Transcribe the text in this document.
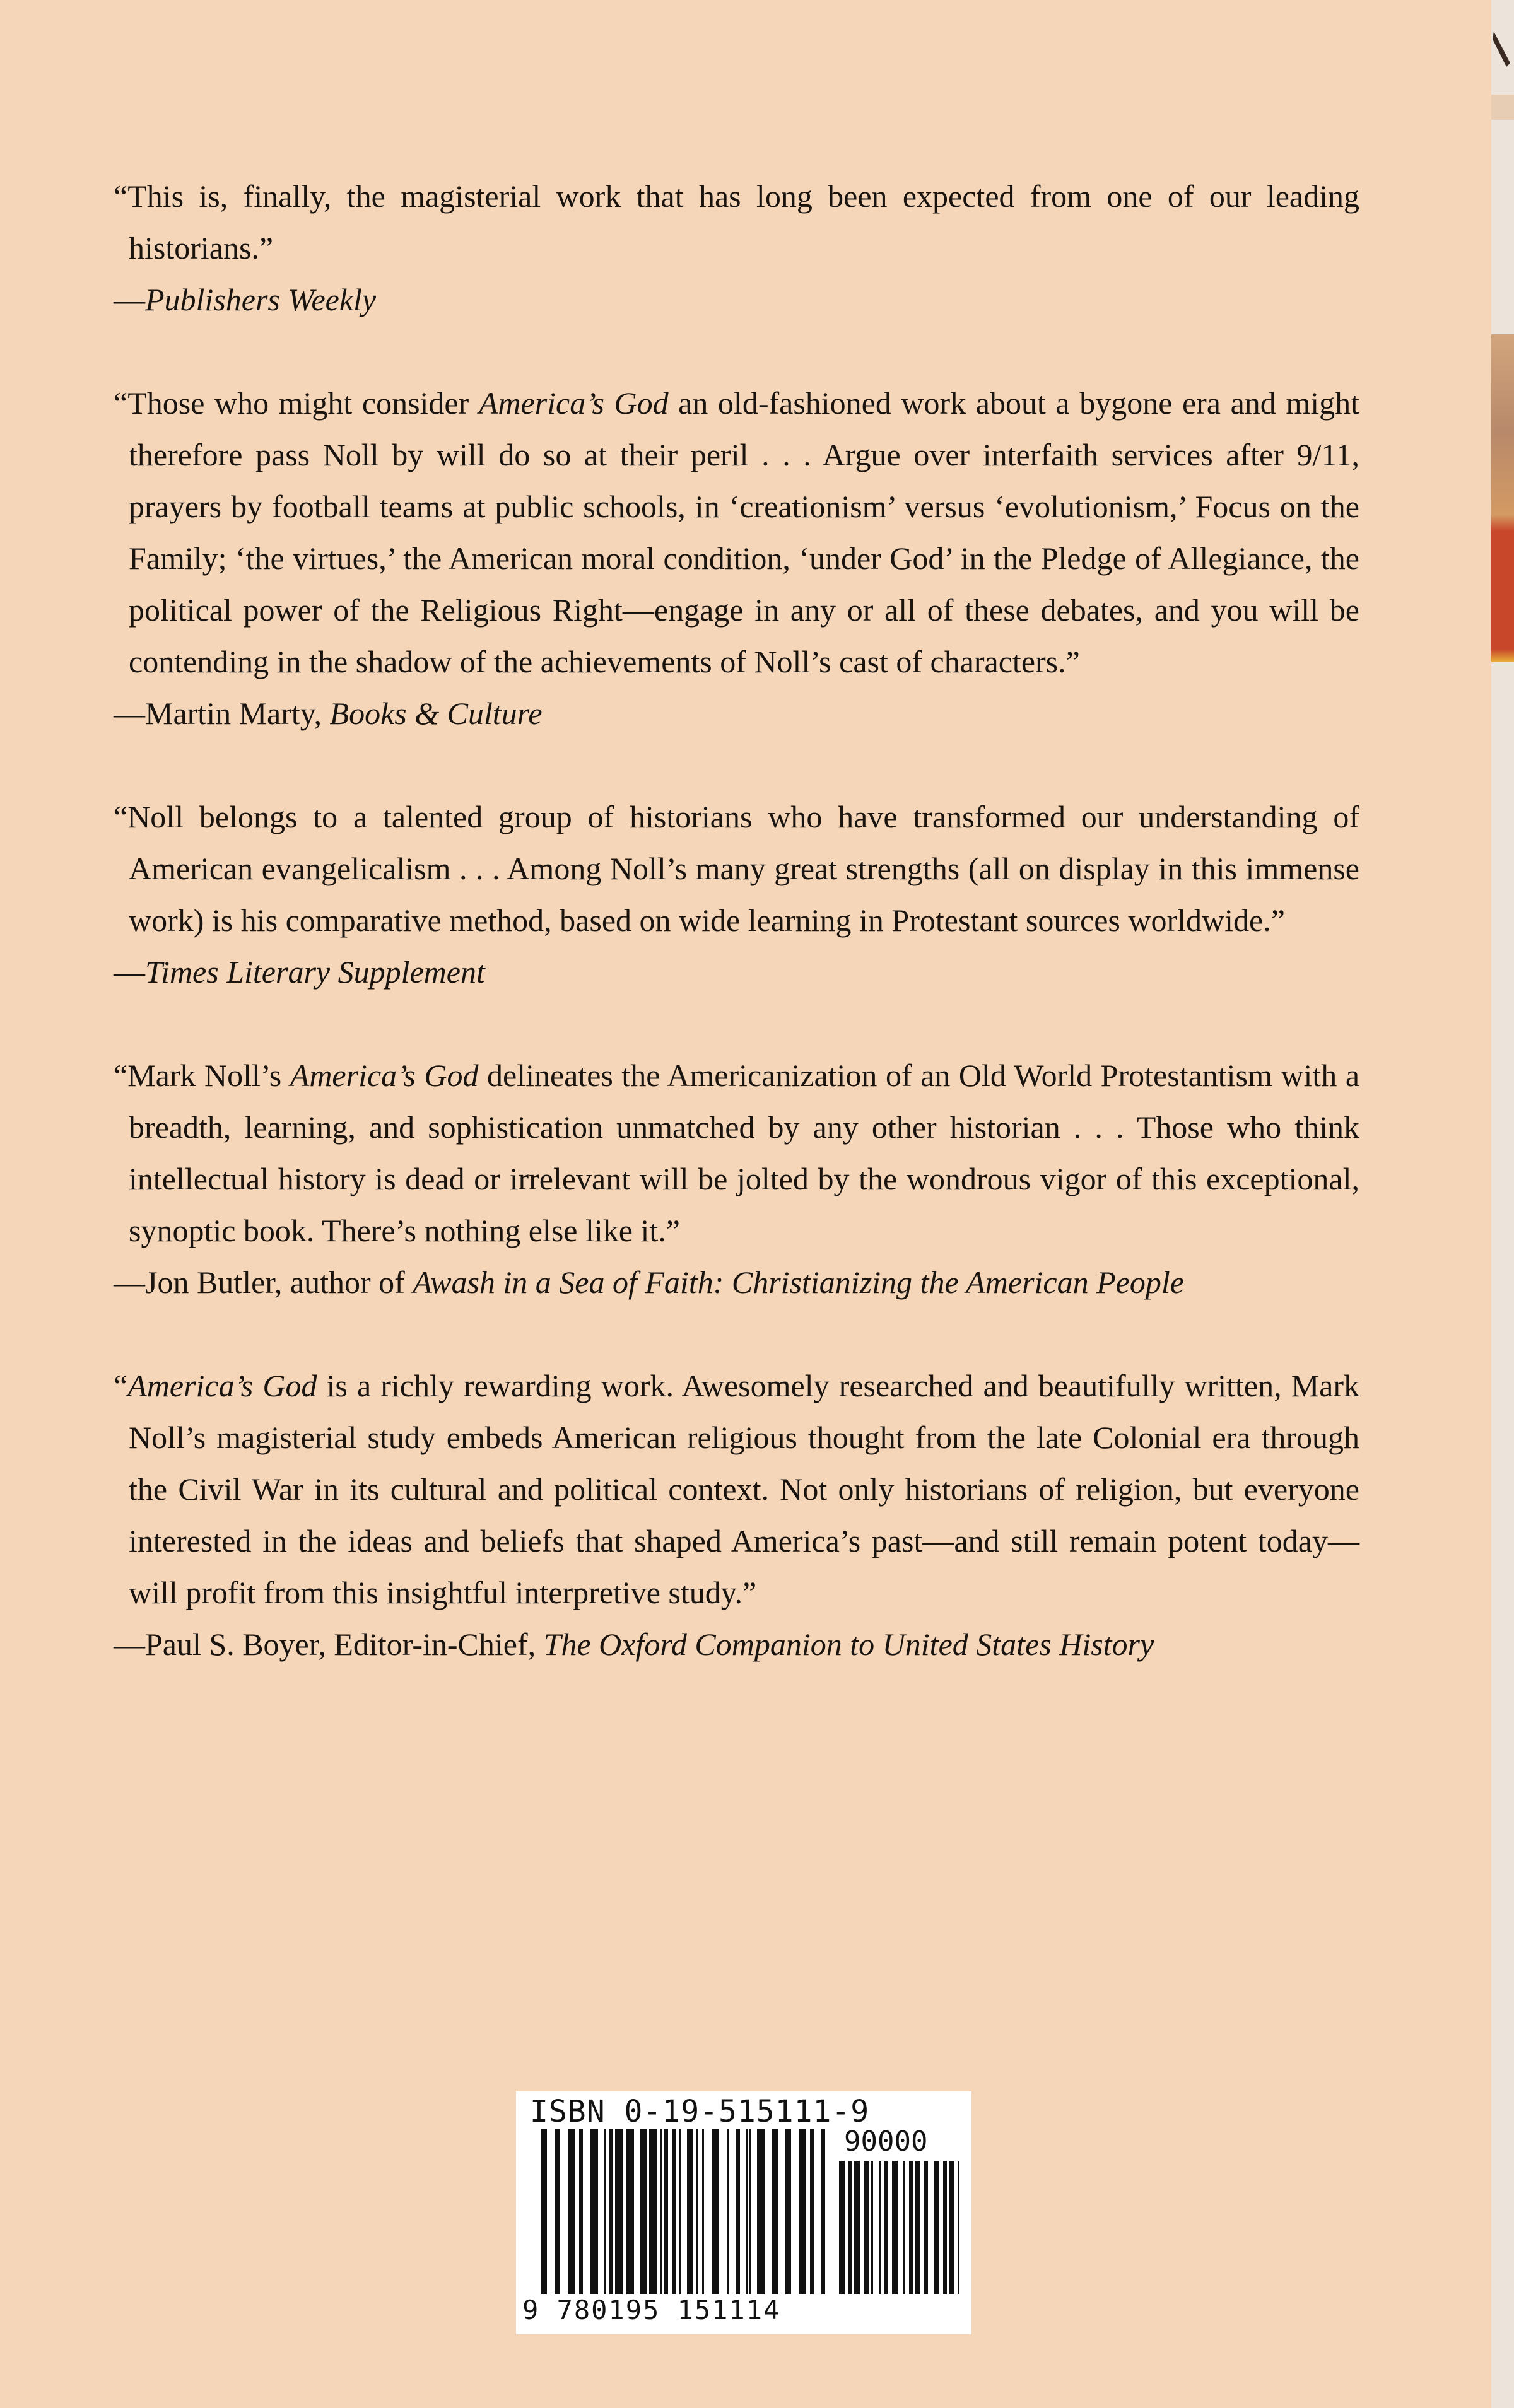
“This is, finally, the magisterial work that has long been expected from one of our leading historians.”

—Publishers Weekly

“Those who might consider America’s God an old-fashioned work about a bygone era and might therefore pass Noll by will do so at their peril . . . Argue over interfaith services after 9/11, prayers by football teams at public schools, in ‘creationism’ versus ‘evolutionism,’ Focus on the Family; ‘the virtues,’ the American moral condition, ‘under God’ in the Pledge of Allegiance, the political power of the Religious Right—engage in any or all of these debates, and you will be contending in the shadow of the achievements of Noll’s cast of characters.”

—Martin Marty, Books & Culture

“Noll belongs to a talented group of historians who have transformed our understanding of American evangelicalism . . . Among Noll’s many great strengths (all on display in this immense work) is his comparative method, based on wide learning in Protestant sources worldwide.”

—Times Literary Supplement

“Mark Noll’s America’s God delineates the Americanization of an Old World Protestantism with a breadth, learning, and sophistication unmatched by any other historian . . . Those who think intellectual history is dead or irrelevant will be jolted by the wondrous vigor of this exceptional, synoptic book. There’s nothing else like it.”

—Jon Butler, author of Awash in a Sea of Faith: Christianizing the American People

“America’s God is a richly rewarding work. Awesomely researched and beautifully written, Mark Noll’s magisterial study embeds American religious thought from the late Colonial era through the Civil War in its cultural and political context. Not only historians of religion, but everyone interested in the ideas and beliefs that shaped America’s past—and still remain potent today—will profit from this insightful interpretive study.”

—Paul S. Boyer, Editor-in-Chief, The Oxford Companion to United States History

ISBN 0-19-515111-9
90000
9 780195 151114
